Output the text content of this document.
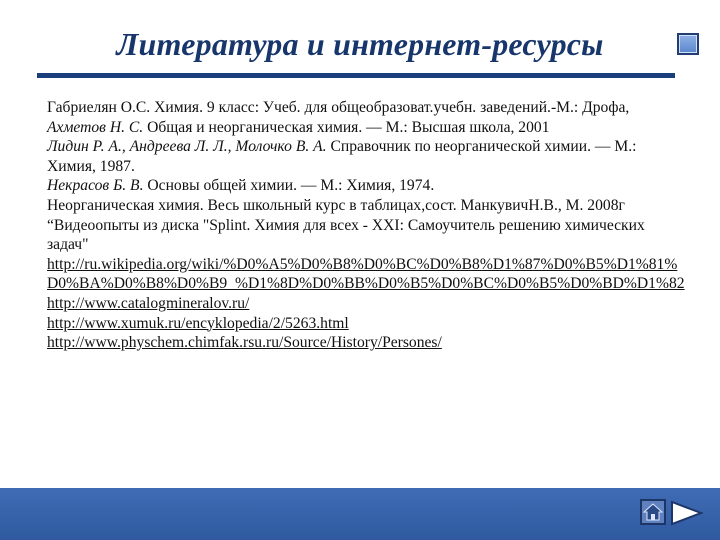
Литература и интернет-ресурсы

Габриелян О.С. Химия. 9 класс: Учеб. для общеобразоват.учебн. заведений.-М.: Дрофа,

Ахметов Н. С. Общая и неорганическая химия. — М.: Высшая школа, 2001

Лидин Р. А., Андреева Л. Л., Молочко В. А. Справочник по неорганической химии. — М.: Химия, 1987.

Некрасов Б. В. Основы общей химии. — М.: Химия, 1974.

Неорганическая химия. Весь школьный курс в таблицах,сост. МанкувичН.В., М. 2008г

“Видеоопыты из диска "Splint. Химия для всех - XXI: Самоучитель решению химических задач"

http://ru.wikipedia.org/wiki/%D0%A5%D0%B8%D0%BC%D0%B8%D1%87%D0%B5%D1%81%D0%BA%D0%B8%D0%B9_%D1%8D%D0%BB%D0%B5%D0%BC%D0%B5%D0%BD%D1%82

http://www.catalogmineralov.ru/

http://www.xumuk.ru/encyklopedia/2/5263.html

http://www.physchem.chimfak.rsu.ru/Source/History/Persones/
